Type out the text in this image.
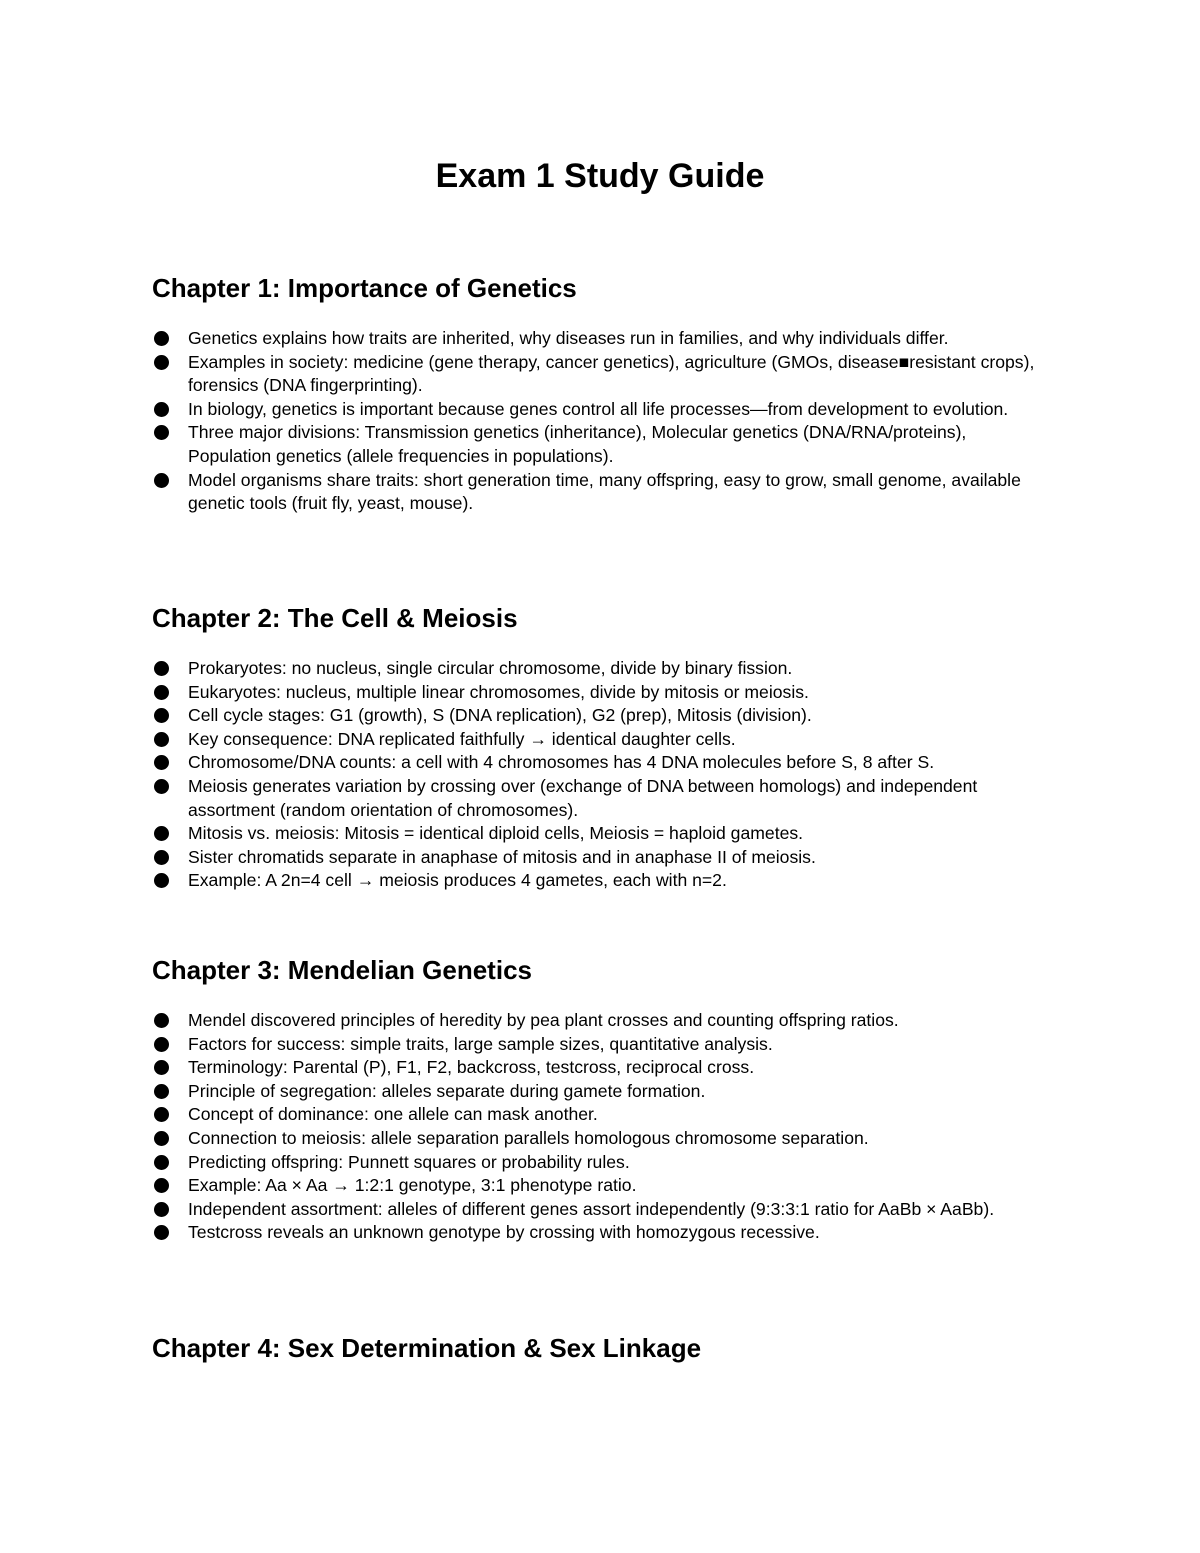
Exam 1 Study Guide
Chapter 1: Importance of Genetics
Genetics explains how traits are inherited, why diseases run in families, and why individuals differ.
Examples in society: medicine (gene therapy, cancer genetics), agriculture (GMOs, disease■resistant crops), forensics (DNA fingerprinting).
In biology, genetics is important because genes control all life processes—from development to evolution.
Three major divisions: Transmission genetics (inheritance), Molecular genetics (DNA/RNA/proteins), Population genetics (allele frequencies in populations).
Model organisms share traits: short generation time, many offspring, easy to grow, small genome, available genetic tools (fruit fly, yeast, mouse).
Chapter 2: The Cell & Meiosis
Prokaryotes: no nucleus, single circular chromosome, divide by binary fission.
Eukaryotes: nucleus, multiple linear chromosomes, divide by mitosis or meiosis.
Cell cycle stages: G1 (growth), S (DNA replication), G2 (prep), Mitosis (division).
Key consequence: DNA replicated faithfully → identical daughter cells.
Chromosome/DNA counts: a cell with 4 chromosomes has 4 DNA molecules before S, 8 after S.
Meiosis generates variation by crossing over (exchange of DNA between homologs) and independent assortment (random orientation of chromosomes).
Mitosis vs. meiosis: Mitosis = identical diploid cells, Meiosis = haploid gametes.
Sister chromatids separate in anaphase of mitosis and in anaphase II of meiosis.
Example: A 2n=4 cell → meiosis produces 4 gametes, each with n=2.
Chapter 3: Mendelian Genetics
Mendel discovered principles of heredity by pea plant crosses and counting offspring ratios.
Factors for success: simple traits, large sample sizes, quantitative analysis.
Terminology: Parental (P), F1, F2, backcross, testcross, reciprocal cross.
Principle of segregation: alleles separate during gamete formation.
Concept of dominance: one allele can mask another.
Connection to meiosis: allele separation parallels homologous chromosome separation.
Predicting offspring: Punnett squares or probability rules.
Example: Aa × Aa → 1:2:1 genotype, 3:1 phenotype ratio.
Independent assortment: alleles of different genes assort independently (9:3:3:1 ratio for AaBb × AaBb).
Testcross reveals an unknown genotype by crossing with homozygous recessive.
Chapter 4: Sex Determination & Sex Linkage
